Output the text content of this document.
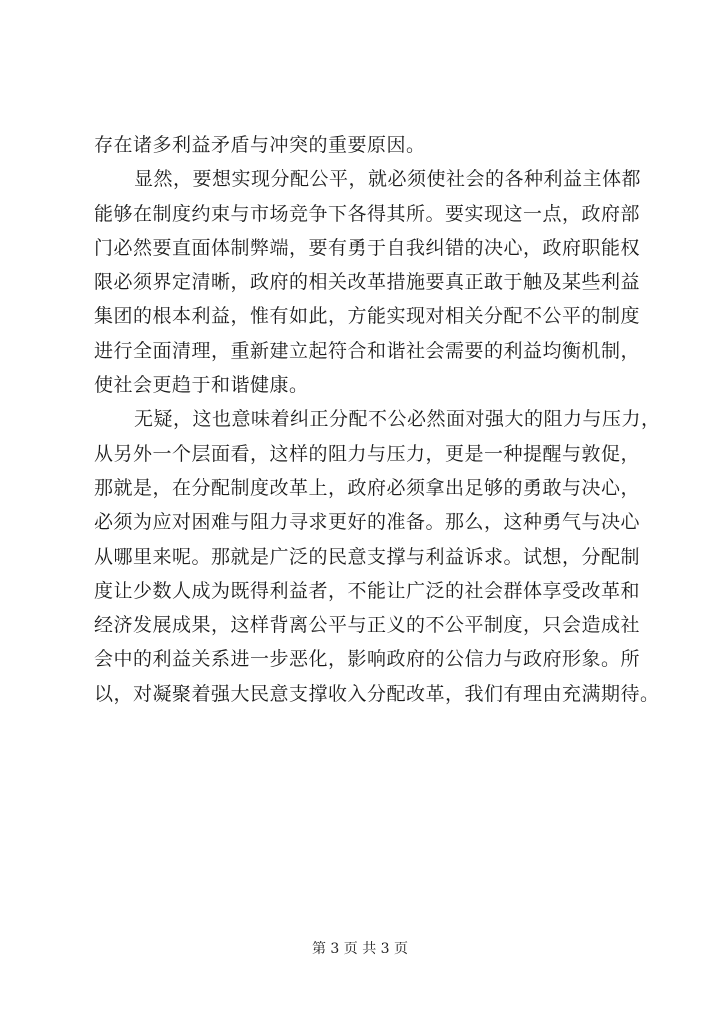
存在诸多利益矛盾与冲突的重要原因。
显然，要想实现分配公平，就必须使社会的各种利益主体都
能够在制度约束与市场竞争下各得其所。要实现这一点，政府部
门必然要直面体制弊端，要有勇于自我纠错的决心，政府职能权
限必须界定清晰，政府的相关改革措施要真正敢于触及某些利益
集团的根本利益，惟有如此，方能实现对相关分配不公平的制度
进行全面清理，重新建立起符合和谐社会需要的利益均衡机制，
使社会更趋于和谐健康。
无疑，这也意味着纠正分配不公必然面对强大的阻力与压力，
从另外一个层面看，这样的阻力与压力，更是一种提醒与敦促，
那就是，在分配制度改革上，政府必须拿出足够的勇敢与决心，
必须为应对困难与阻力寻求更好的准备。那么，这种勇气与决心
从哪里来呢。那就是广泛的民意支撑与利益诉求。试想，分配制
度让少数人成为既得利益者，不能让广泛的社会群体享受改革和
经济发展成果，这样背离公平与正义的不公平制度，只会造成社
会中的利益关系进一步恶化，影响政府的公信力与政府形象。所
以，对凝聚着强大民意支撑收入分配改革，我们有理由充满期待。
第 3 页 共 3 页
